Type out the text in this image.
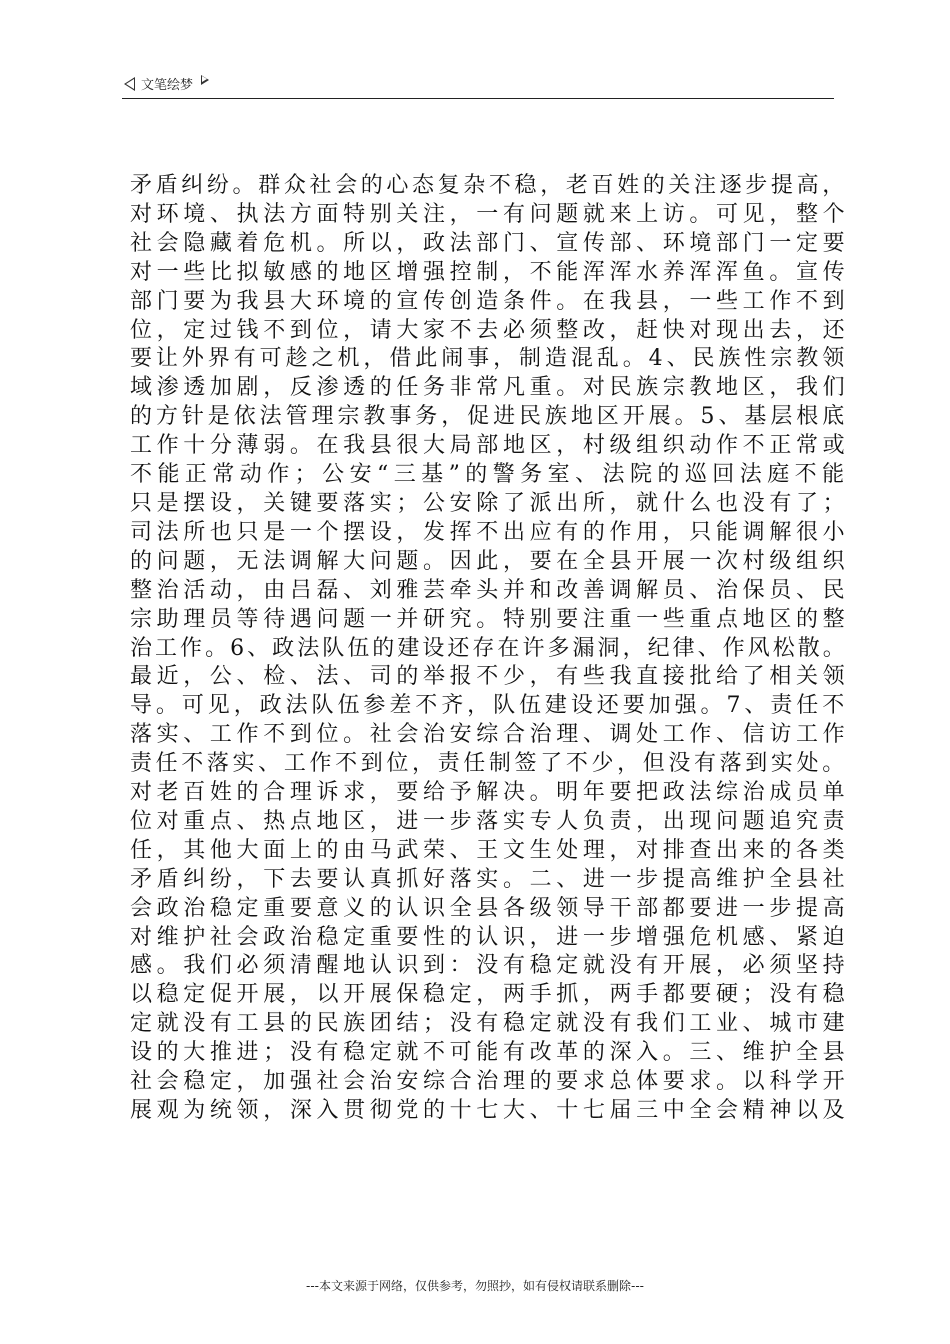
文笔绘梦
矛盾纠纷。群众社会的心态复杂不稳，老百姓的关注逐步提高，
对环境、执法方面特别关注，一有问题就来上访。可见，整个
社会隐藏着危机。所以，政法部门、宣传部、环境部门一定要
对一些比拟敏感的地区增强控制，不能浑浑水养浑浑鱼。宣传
部门要为我县大环境的宣传创造条件。在我县，一些工作不到
位，定过钱不到位，请大家不去必须整改，赶快对现出去，还
要让外界有可趁之机，借此闹事，制造混乱。4、民族性宗教领
域渗透加剧，反渗透的任务非常凡重。对民族宗教地区，我们
的方针是依法管理宗教事务，促进民族地区开展。5、基层根底
工作十分薄弱。在我县很大局部地区，村级组织动作不正常或
不能正常动作；公安“三基”的警务室、法院的巡回法庭不能
只是摆设，关键要落实；公安除了派出所，就什么也没有了；
司法所也只是一个摆设，发挥不出应有的作用，只能调解很小
的问题，无法调解大问题。因此，要在全县开展一次村级组织
整治活动，由吕磊、刘雅芸牵头并和改善调解员、治保员、民
宗助理员等待遇问题一并研究。特别要注重一些重点地区的整
治工作。6、政法队伍的建设还存在许多漏洞，纪律、作风松散。
最近，公、检、法、司的举报不少，有些我直接批给了相关领
导。可见，政法队伍参差不齐，队伍建设还要加强。7、责任不
落实、工作不到位。社会治安综合治理、调处工作、信访工作
责任不落实、工作不到位，责任制签了不少，但没有落到实处。
对老百姓的合理诉求，要给予解决。明年要把政法综治成员单
位对重点、热点地区，进一步落实专人负责，出现问题追究责
任，其他大面上的由马武荣、王文生处理，对排查出来的各类
矛盾纠纷，下去要认真抓好落实。二、进一步提高维护全县社
会政治稳定重要意义的认识全县各级领导干部都要进一步提高
对维护社会政治稳定重要性的认识，进一步增强危机感、紧迫
感。我们必须清醒地认识到：没有稳定就没有开展，必须坚持
以稳定促开展，以开展保稳定，两手抓，两手都要硬；没有稳
定就没有工县的民族团结；没有稳定就没有我们工业、城市建
设的大推进；没有稳定就不可能有改革的深入。三、维护全县
社会稳定，加强社会治安综合治理的要求总体要求。以科学开
展观为统领，深入贯彻党的十七大、十七届三中全会精神以及
---本文来源于网络，仅供参考，勿照抄，如有侵权请联系删除---
